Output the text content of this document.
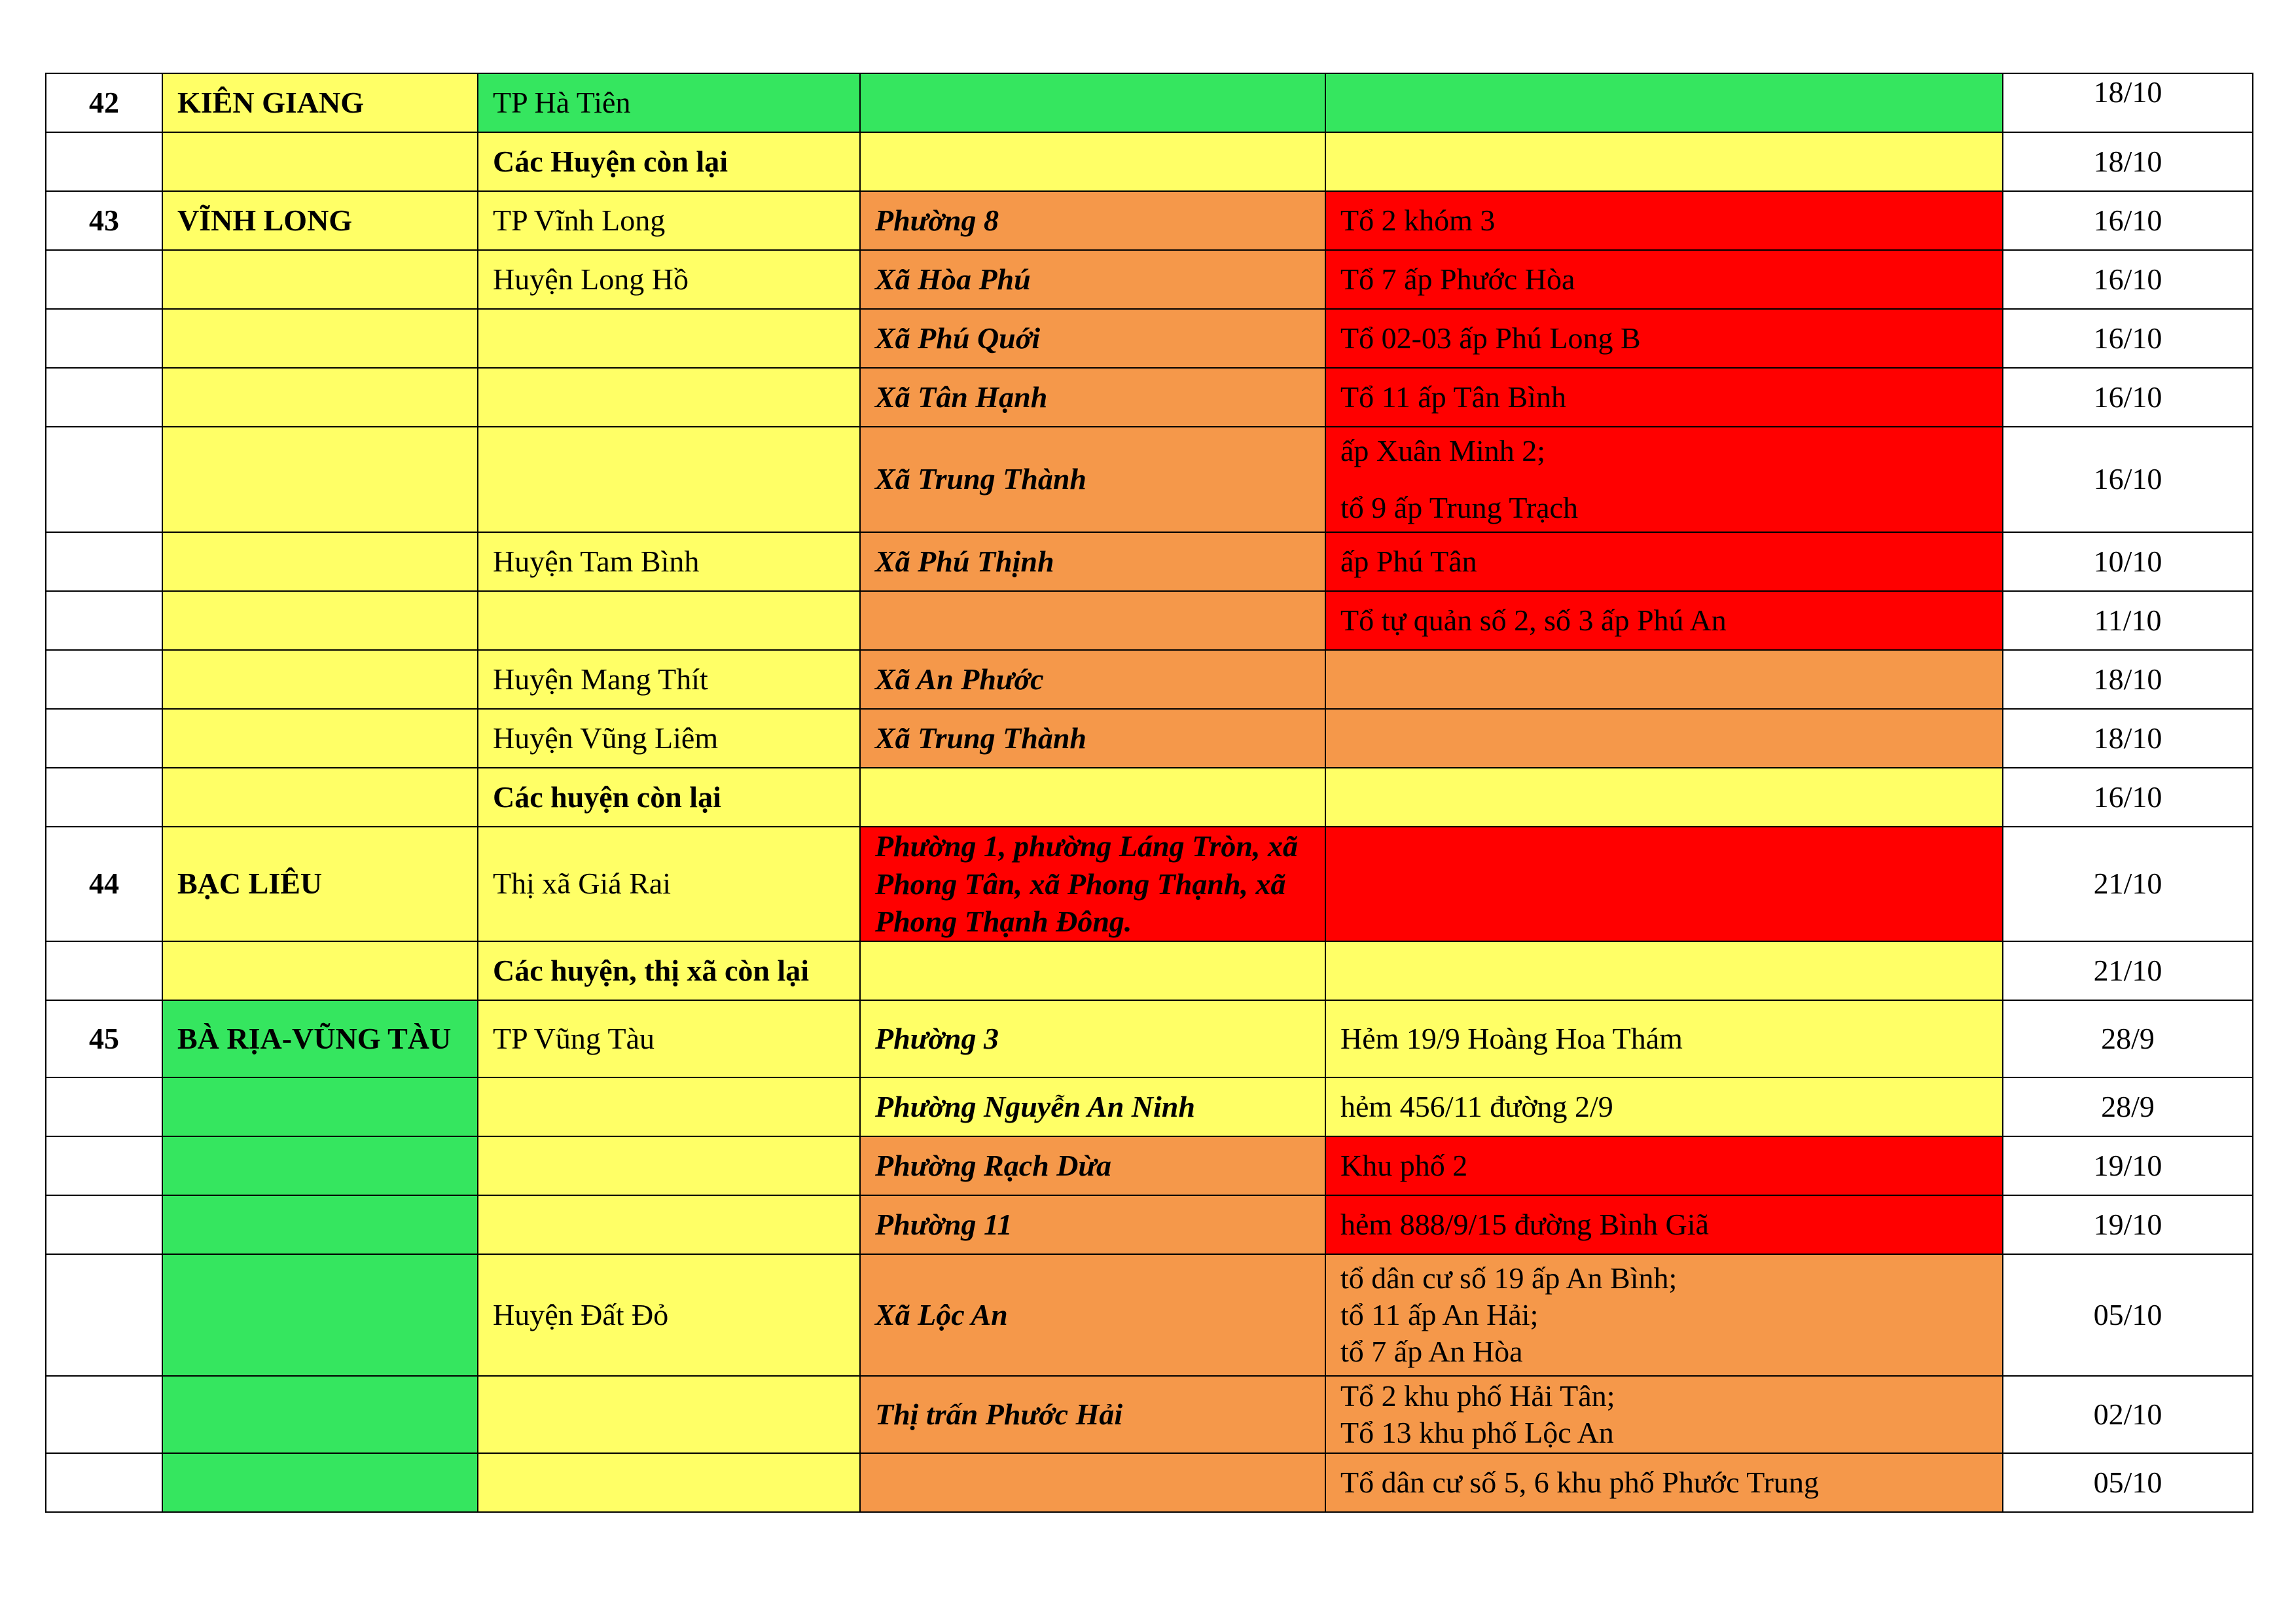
42	KIÊN GIANG	TP Hà Tiên			18/10
		Các Huyện còn lại			18/10
43	VĨNH LONG	TP Vĩnh Long	Phường 8	Tổ 2 khóm 3	16/10
		Huyện Long Hồ	Xã Hòa Phú	Tổ 7 ấp Phước Hòa	16/10
			Xã Phú Quới	Tổ 02-03 ấp Phú Long B	16/10
			Xã Tân Hạnh	Tổ 11 ấp Tân Bình	16/10
			Xã Trung Thành	ấp Xuân Minh 2;
tổ 9 ấp Trung Trạch	16/10
		Huyện Tam Bình	Xã Phú Thịnh	ấp Phú Tân	10/10
				Tổ tự quản số 2, số 3 ấp Phú An	11/10
		Huyện Mang Thít	Xã An Phước		18/10
		Huyện Vũng Liêm	Xã Trung Thành		18/10
		Các huyện còn lại			16/10
44	BẠC LIÊU	Thị xã Giá Rai	Phường 1, phường Láng Tròn, xã Phong Tân, xã Phong Thạnh, xã Phong Thạnh Đông.		21/10
		Các huyện, thị xã còn lại			21/10
45	BÀ RỊA-VŨNG TÀU	TP Vũng Tàu	Phường 3	Hẻm 19/9 Hoàng Hoa Thám	28/9
			Phường Nguyễn An Ninh	hẻm 456/11 đường 2/9	28/9
			Phường Rạch Dừa	Khu phố 2	19/10
			Phường 11	hẻm 888/9/15 đường Bình Giã	19/10
		Huyện Đất Đỏ	Xã Lộc An	tổ dân cư số 19 ấp An Bình;
tổ 11 ấp An Hải;
tổ 7 ấp An Hòa	05/10
			Thị trấn Phước Hải	Tổ 2 khu phố Hải Tân;
Tổ 13 khu phố Lộc An	02/10
				Tổ dân cư số 5, 6 khu phố Phước Trung	05/10
